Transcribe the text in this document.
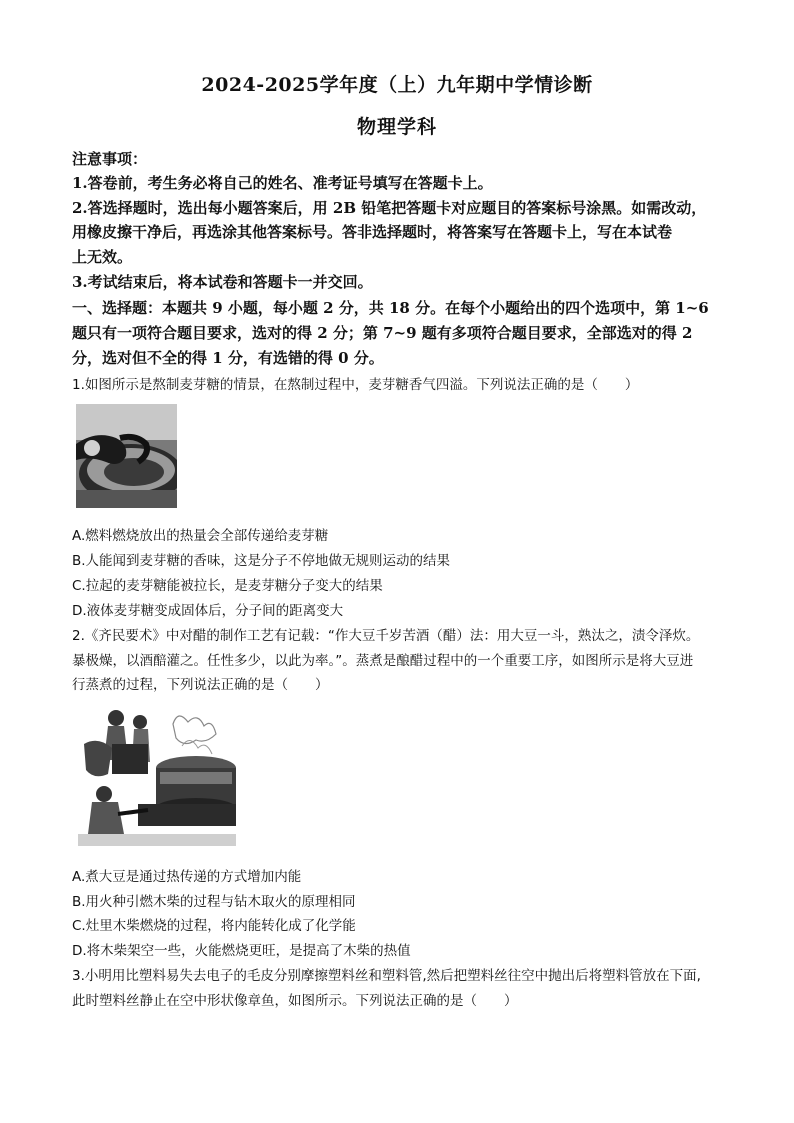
2024-2025学年度（上）九年期中学情诊断
物理学科
注意事项：
1.答卷前，考生务必将自己的姓名、准考证号填写在答题卡上。
2.答选择题时，选出每小题答案后，用 2B 铅笔把答题卡对应题目的答案标号涂黑。如需改动，
用橡皮擦干净后，再选涂其他答案标号。答非选择题时，将答案写在答题卡上，写在本试卷
上无效。
3.考试结束后，将本试卷和答题卡一并交回。
一、选择题：本题共 9 小题，每小题 2 分，共 18 分。在每个小题给出的四个选项中，第 1~6
题只有一项符合题目要求，选对的得 2 分；第 7~9 题有多项符合题目要求，全部选对的得 2
分，选对但不全的得 1 分，有选错的得 0 分。
1.如图所示是熬制麦芽糖的情景，在熬制过程中，麦芽糖香气四溢。下列说法正确的是（　　）
A.燃料燃烧放出的热量会全部传递给麦芽糖
B.人能闻到麦芽糖的香味，这是分子不停地做无规则运动的结果
C.拉起的麦芽糖能被拉长，是麦芽糖分子变大的结果
D.液体麦芽糖变成固体后，分子间的距离变大
2.《齐民要术》中对醋的制作工艺有记载：“作大豆千岁苦酒（醋）法：用大豆一斗，熟汰之，渍令泽炊。
暴极燥，以酒醅灌之。任性多少，以此为率。”。蒸煮是酿醋过程中的一个重要工序，如图所示是将大豆进
行蒸煮的过程，下列说法正确的是（　　）
A.煮大豆是通过热传递的方式增加内能
B.用火种引燃木柴的过程与钻木取火的原理相同
C.灶里木柴燃烧的过程，将内能转化成了化学能
D.将木柴架空一些，火能燃烧更旺，是提高了木柴的热值
3.小明用比塑料易失去电子的毛皮分别摩擦塑料丝和塑料管,然后把塑料丝往空中抛出后将塑料管放在下面,
此时塑料丝静止在空中形状像章鱼，如图所示。下列说法正确的是（　　）
